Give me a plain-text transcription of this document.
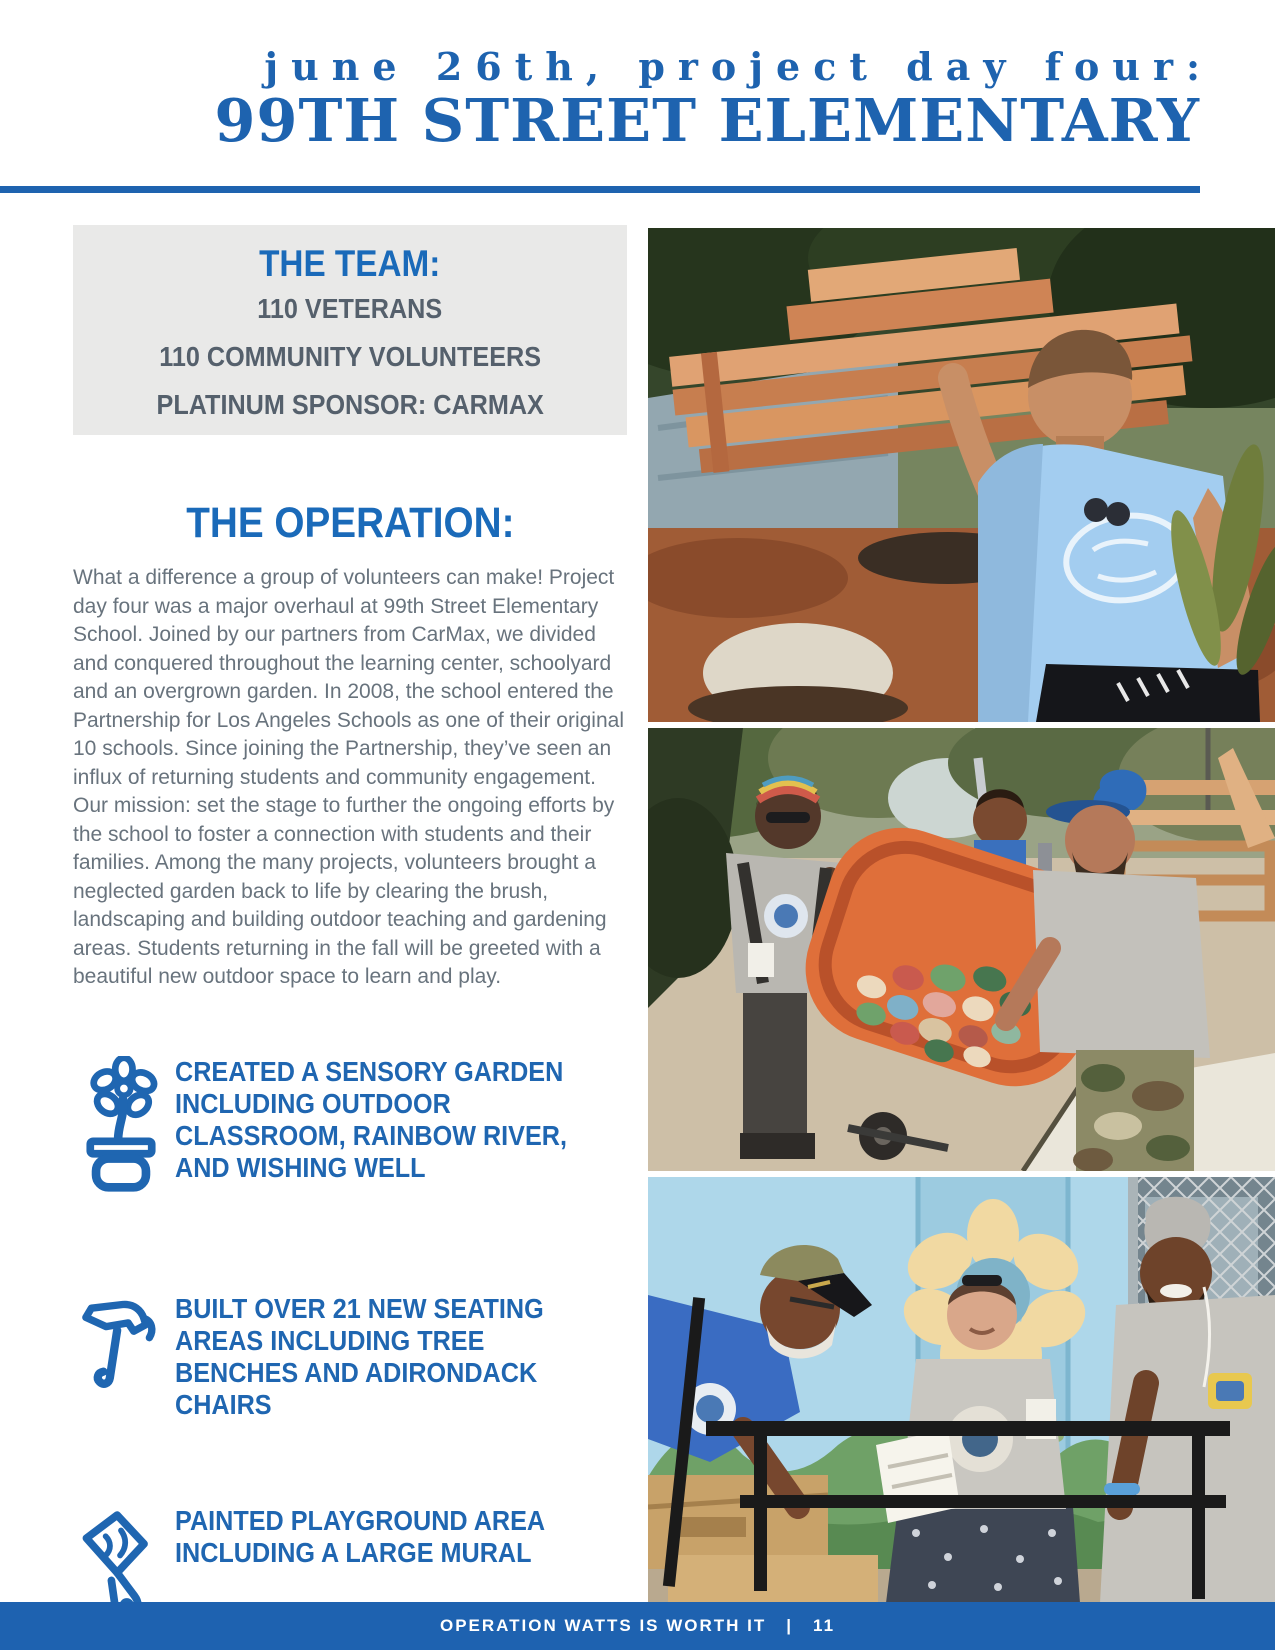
june 26th, project day four:
99TH STREET ELEMENTARY
THE TEAM:
110 VETERANS
110 COMMUNITY VOLUNTEERS
PLATINUM SPONSOR: CARMAX
THE OPERATION:
What a difference a group of volunteers can make! Project day four was a major overhaul at 99th Street Elementary School. Joined by our partners from CarMax, we divided and conquered throughout the learning center, schoolyard and an overgrown garden. In 2008, the school entered the Partnership for Los Angeles Schools as one of their original 10 schools. Since joining the Partnership, they’ve seen an influx of returning students and community engagement. Our mission: set the stage to further the ongoing efforts by the school to foster a connection with students and their families. Among the many projects, volunteers brought a neglected garden back to life by clearing the brush, landscaping and building outdoor teaching and gardening areas. Students returning in the fall will be greeted with a beautiful new outdoor space to learn and play.
CREATED A SENSORY GARDEN INCLUDING OUTDOOR CLASSROOM, RAINBOW RIVER, AND WISHING WELL
BUILT OVER 21 NEW SEATING AREAS INCLUDING TREE BENCHES AND ADIRONDACK CHAIRS
PAINTED PLAYGROUND AREA INCLUDING A LARGE MURAL
OPERATION WATTS IS WORTH IT | 11
